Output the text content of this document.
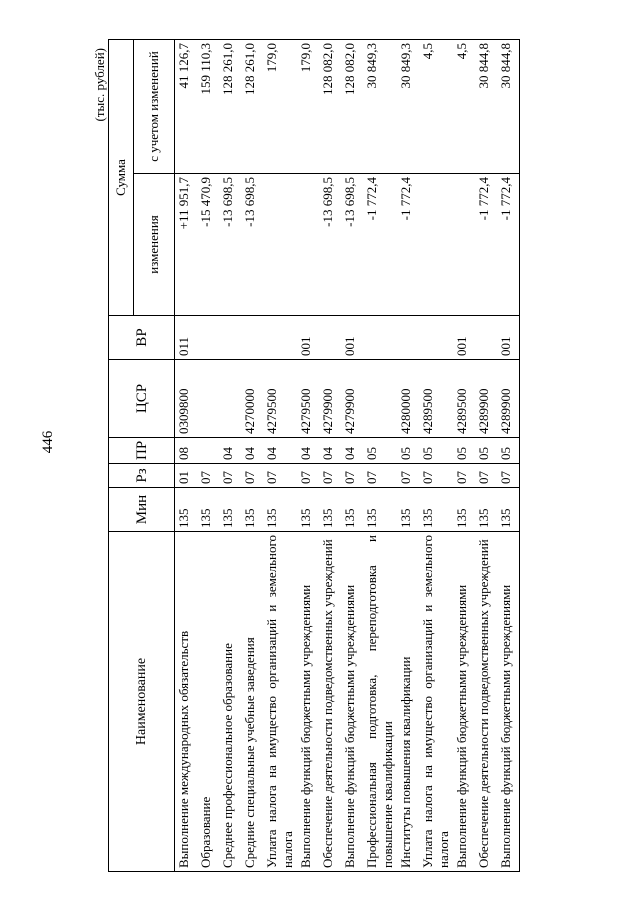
446
(тыс. рублей)
Наименование	Мин	Рз	ПР	ЦСР	ВР	Сумма	
						изменения	с учетом изменений
Выполнение международных обязательств	135	01	08	0309800	011	+11 951,7	41 126,7
Образование	135	07				-15 470,9	159 110,3
Среднее профессиональное образование	135	07	04			-13 698,5	128 261,0
Средние специальные учебные заведения	135	07	04	4270000		-13 698,5	128 261,0
Уплата налога на имущество организаций и земельного налога	135	07	04	4279500			179,0
Выполнение функций бюджетными учреждениями	135	07	04	4279500	001		179,0
Обеспечение деятельности подведомственных учреждений	135	07	04	4279900		-13 698,5	128 082,0
Выполнение функций бюджетными учреждениями	135	07	04	4279900	001	-13 698,5	128 082,0
Профессиональная подготовка, переподготовка и повышение квалификации	135	07	05			-1 772,4	30 849,3
Институты повышения квалификации	135	07	05	4280000		-1 772,4	30 849,3
Уплата налога на имущество организаций и земельного налога	135	07	05	4289500			4,5
Выполнение функций бюджетными учреждениями	135	07	05	4289500	001		4,5
Обеспечение деятельности подведомственных учреждений	135	07	05	4289900		-1 772,4	30 844,8
Выполнение функций бюджетными учреждениями	135	07	05	4289900	001	-1 772,4	30 844,8
